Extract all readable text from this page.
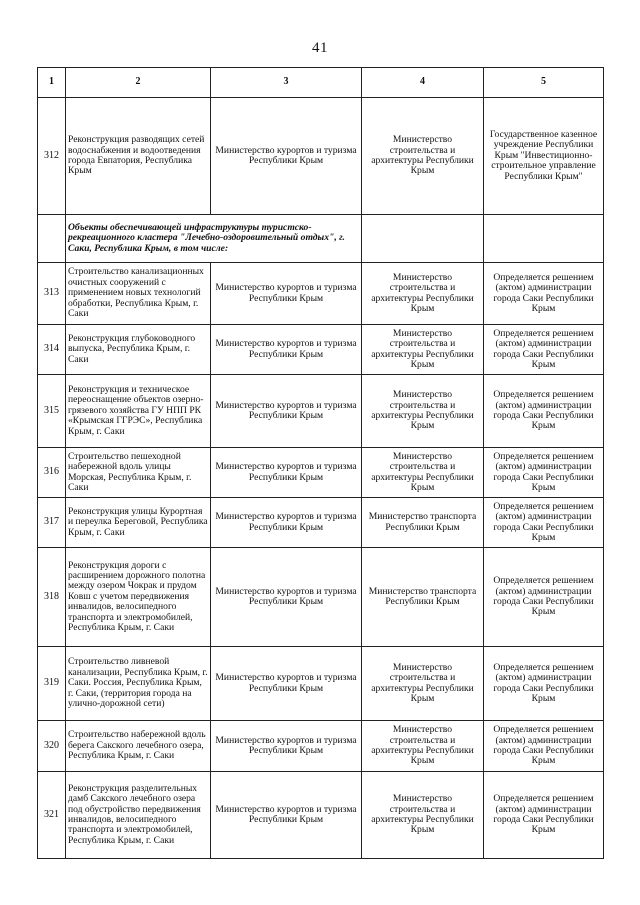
41
1	2	3	4	5
312	Реконструкция разводящих сетей водоснабжения и водоотведения города Евпатория, Республика Крым	Министерство курортов и туризма Республики Крым	Министерство строительства и архитектуры Республики Крым	Государственное казенное учреждение Республики Крым "Инвестиционно-строительное управление Республики Крым"
	Объекты обеспечивающей инфраструктуры туристско-рекреационного кластера "Лечебно-оздоровительный отдых", г. Саки, Республика Крым, в том числе:			
313	Строительство канализационных очистных сооружений с применением новых технологий обработки, Республика Крым, г. Саки	Министерство курортов и туризма Республики Крым	Министерство строительства и архитектуры Республики Крым	Определяется решением (актом) администрации города Саки Республики Крым
314	Реконструкция глубоководного выпуска, Республика Крым, г. Саки	Министерство курортов и туризма Республики Крым	Министерство строительства и архитектуры Республики Крым	Определяется решением (актом) администрации города Саки Республики Крым
315	Реконструкция и техническое переоснащение объектов озерно-грязевого хозяйства ГУ НПП РК «Крымская ГГРЭС», Республика Крым, г. Саки	Министерство курортов и туризма Республики Крым	Министерство строительства и архитектуры Республики Крым	Определяется решением (актом) администрации города Саки Республики Крым
316	Строительство пешеходной набережной вдоль улицы Морская, Республика Крым, г. Саки	Министерство курортов и туризма Республики Крым	Министерство строительства и архитектуры Республики Крым	Определяется решением (актом) администрации города Саки Республики Крым
317	Реконструкция улицы Курортная и переулка Береговой, Республика Крым, г. Саки	Министерство курортов и туризма Республики Крым	Министерство транспорта Республики Крым	Определяется решением (актом) администрации города Саки Республики Крым
318	Реконструкция дороги с расширением дорожного полотна между озером Чокрак и прудом Ковш с учетом передвижения инвалидов, велосипедного транспорта и электромобилей, Республика Крым, г. Саки	Министерство курортов и туризма Республики Крым	Министерство транспорта Республики Крым	Определяется решением (актом) администрации города Саки Республики Крым
319	Строительство ливневой канализации, Республика Крым, г. Саки. Россия, Республика Крым, г. Саки, (территория города на улично-дорожной сети)	Министерство курортов и туризма Республики Крым	Министерство строительства и архитектуры Республики Крым	Определяется решением (актом) администрации города Саки Республики Крым
320	Строительство набережной вдоль берега Сакского лечебного озера, Республика Крым, г. Саки	Министерство курортов и туризма Республики Крым	Министерство строительства и архитектуры Республики Крым	Определяется решением (актом) администрации города Саки Республики Крым
321	Реконструкция разделительных дамб Сакского лечебного озера под обустройство передвижения инвалидов, велосипедного транспорта и электромобилей, Республика Крым, г. Саки	Министерство курортов и туризма Республики Крым	Министерство строительства и архитектуры Республики Крым	Определяется решением (актом) администрации города Саки Республики Крым
